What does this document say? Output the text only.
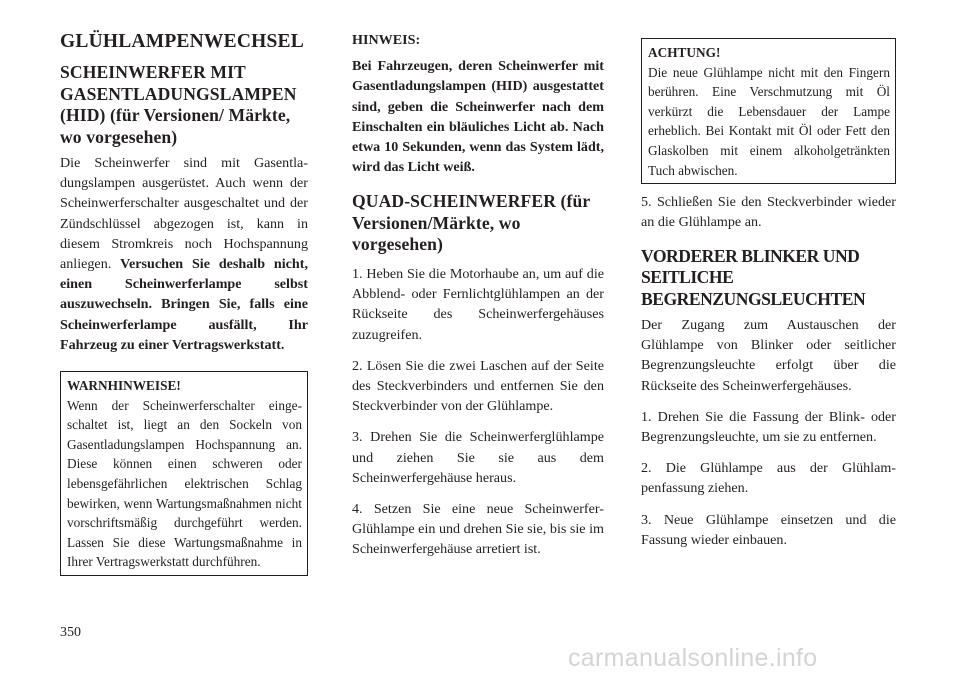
GLÜHLAMPENWECHSEL
SCHEINWERFER MIT GASENTLADUNGSLAMPEN (HID) (für Versionen/ Märkte, wo vorgesehen)

Die Scheinwerfer sind mit Gasentladungslampen ausgerüstet. Auch wenn der Scheinwerferschalter ausgeschaltet und der Zündschlüssel abgezogen ist, kann in diesem Stromkreis noch Hochspannung anliegen. Versuchen Sie deshalb nicht, einen Scheinwerferlampe selbst auszuwechseln. Bringen Sie, falls eine Scheinwerferlampe ausfällt, Ihr Fahrzeug zu einer Vertragswerkstatt.

WARNHINWEISE!
Wenn der Scheinwerferschalter eingeschaltet ist, liegt an den Sockeln von Gasentladungslampen Hochspannung an. Diese können einen schweren oder lebensgefährlichen elektrischen Schlag bewirken, wenn Wartungsmaßnahmen nicht vorschriftsmäßig durchgeführt werden. Lassen Sie diese Wartungsmaßnahme in Ihrer Vertragswerkstatt durchführen.

HINWEIS:

Bei Fahrzeugen, deren Scheinwerfer mit Gasentladungslampen (HID) ausgestattet sind, geben die Scheinwerfer nach dem Einschalten ein bläuliches Licht ab. Nach etwa 10 Sekunden, wenn das System lädt, wird das Licht weiß.

QUAD-SCHEINWERFER (für Versionen/Märkte, wo vorgesehen)

1. Heben Sie die Motorhaube an, um auf die Abblend- oder Fernlichtglühlampen an der Rückseite des Scheinwerfergehäuses zuzugreifen.

2. Lösen Sie die zwei Laschen auf der Seite des Steckverbinders und entfernen Sie den Steckverbinder von der Glühlampe.

3. Drehen Sie die Scheinwerferglühlampe und ziehen Sie sie aus dem Scheinwerfergehäuse heraus.

4. Setzen Sie eine neue Scheinwerfer-Glühlampe ein und drehen Sie sie, bis sie im Scheinwerfergehäuse arretiert ist.

ACHTUNG!
Die neue Glühlampe nicht mit den Fingern berühren. Eine Verschmutzung mit Öl verkürzt die Lebensdauer der Lampe erheblich. Bei Kontakt mit Öl oder Fett den Glaskolben mit einem alkoholgetränkten Tuch abwischen.

5. Schließen Sie den Steckverbinder wieder an die Glühlampe an.

VORDERER BLINKER UND SEITLICHE BEGRENZUNGSLEUCHTEN

Der Zugang zum Austauschen der Glühlampe von Blinker oder seitlicher Begrenzungsleuchte erfolgt über die Rückseite des Scheinwerfergehäuses.

1. Drehen Sie die Fassung der Blink- oder Begrenzungsleuchte, um sie zu entfernen.

2. Die Glühlampe aus der Glühlampenfassung ziehen.

3. Neue Glühlampe einsetzen und die Fassung wieder einbauen.

350
carmanualsonline.info
